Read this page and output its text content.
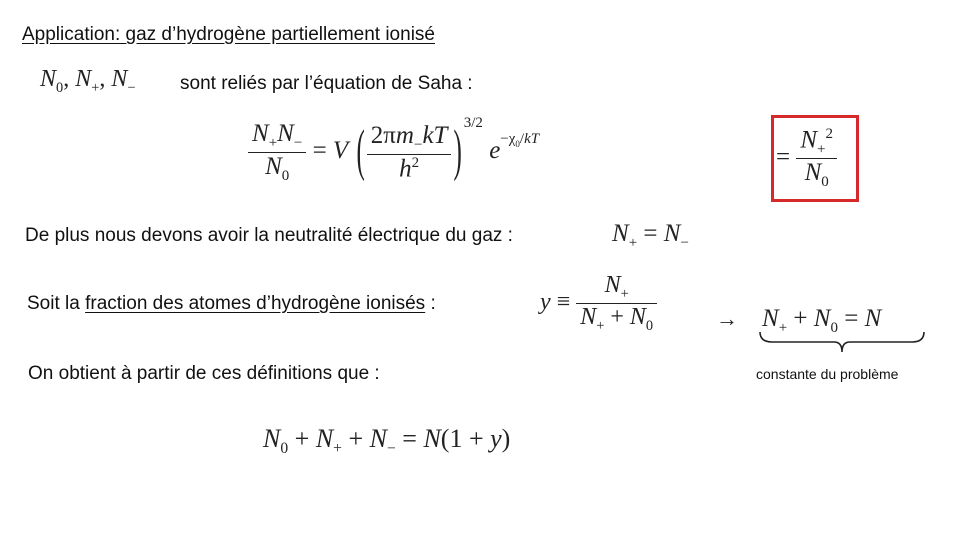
Application: gaz d’hydrogène partiellement ionisé
$N_0$, $N_+$, $N_-$ sont reliés par l’équation de Saha :
$\frac{N_+N_-}{N_0} = V$ ( $\frac{2\pi m_-kT}{h^2}$ ) $^{3/2}$ $e^{-\chi_0/kT}$
= $\frac{N_+^2}{N_0}$
De plus nous devons avoir la neutralité électrique du gaz :	$N_+ = N_-$
Soit la fraction des atomes d’hydrogène ionisés :	$y \equiv \frac{N_+}{N_+ + N_0}$	→ $N_+ + N_0 = N$
constante du problème
On obtient à partir de ces définitions que :
$N_0 + N_+ + N_- = N(1 + y)$
